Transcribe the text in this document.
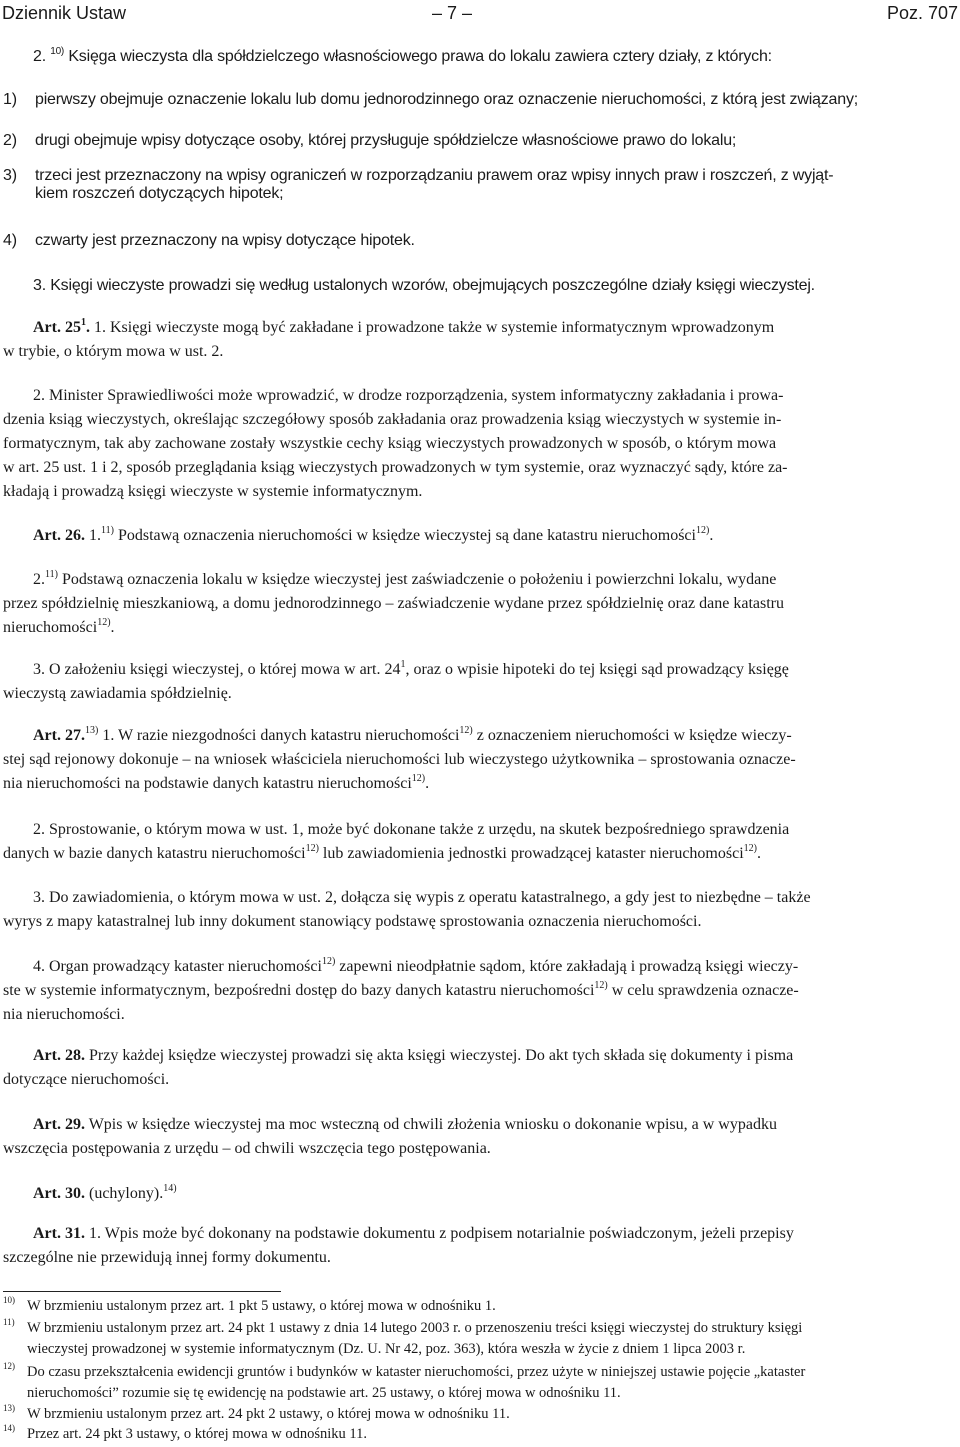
Dziennik Ustaw	– 7 –	Poz. 707
2. $^{10)}$ Księga wieczysta dla spółdzielczego własnościowego prawa do lokalu zawiera cztery działy, z których:
1) pierwszy obejmuje oznaczenie lokalu lub domu jednorodzinnego oraz oznaczenie nieruchomości, z którą jest związany;
2) drugi obejmuje wpisy dotyczące osoby, której przysługuje spółdzielcze własnościowe prawo do lokalu;
3) trzeci jest przeznaczony na wpisy ograniczeń w rozporządzaniu prawem oraz wpisy innych praw i roszczeń, z wyjąt-
kiem roszczeń dotyczących hipotek;
4) czwarty jest przeznaczony na wpisy dotyczące hipotek.
3. Księgi wieczyste prowadzi się według ustalonych wzorów, obejmujących poszczególne działy księgi wieczystej.
Art. $25^1$. 1. Księgi wieczyste mogą być zakładane i prowadzone także w systemie informatycznym wprowadzonym
w trybie, o którym mowa w ust. 2.
2. Minister Sprawiedliwości może wprowadzić, w drodze rozporządzenia, system informatyczny zakładania i prowa-
dzenia ksiąg wieczystych, określając szczegółowy sposób zakładania oraz prowadzenia ksiąg wieczystych w systemie in-
formatycznym, tak aby zachowane zostały wszystkie cechy ksiąg wieczystych prowadzonych w sposób, o którym mowa
w art. 25 ust. 1 i 2, sposób przeglądania ksiąg wieczystych prowadzonych w tym systemie, oraz wyznaczyć sądy, które za-
kładają i prowadzą księgi wieczyste w systemie informatycznym.
Art. 26. 1.$^{11)}$ Podstawą oznaczenia nieruchomości w księdze wieczystej są dane katastru nieruchomości$^{12)}$.
2.$^{11)}$ Podstawą oznaczenia lokalu w księdze wieczystej jest zaświadczenie o położeniu i powierzchni lokalu, wydane
przez spółdzielnię mieszkaniową, a domu jednorodzinnego – zaświadczenie wydane przez spółdzielnię oraz dane katastru
nieruchomości$^{12)}$.
3. O założeniu księgi wieczystej, o której mowa w art. $24^1$, oraz o wpisie hipoteki do tej księgi sąd prowadzący księgę
wieczystą zawiadamia spółdzielnię.
Art. 27.$^{13)}$ 1. W razie niezgodności danych katastru nieruchomości$^{12)}$ z oznaczeniem nieruchomości w księdze wieczy-
stej sąd rejonowy dokonuje – na wniosek właściciela nieruchomości lub wieczystego użytkownika – sprostowania oznacze-
nia nieruchomości na podstawie danych katastru nieruchomości$^{12)}$.
2. Sprostowanie, o którym mowa w ust. 1, może być dokonane także z urzędu, na skutek bezpośredniego sprawdzenia
danych w bazie danych katastru nieruchomości$^{12)}$ lub zawiadomienia jednostki prowadzącej kataster nieruchomości$^{12)}$.
3. Do zawiadomienia, o którym mowa w ust. 2, dołącza się wypis z operatu katastralnego, a gdy jest to niezbędne – także
wyrys z mapy katastralnej lub inny dokument stanowiący podstawę sprostowania oznaczenia nieruchomości.
4. Organ prowadzący kataster nieruchomości$^{12)}$ zapewni nieodpłatnie sądom, które zakładają i prowadzą księgi wieczy-
ste w systemie informatycznym, bezpośredni dostęp do bazy danych katastru nieruchomości$^{12)}$ w celu sprawdzenia oznacze-
nia nieruchomości.
Art. 28. Przy każdej księdze wieczystej prowadzi się akta księgi wieczystej. Do akt tych składa się dokumenty i pisma
dotyczące nieruchomości.
Art. 29. Wpis w księdze wieczystej ma moc wsteczną od chwili złożenia wniosku o dokonanie wpisu, a w wypadku
wszczęcia postępowania z urzędu – od chwili wszczęcia tego postępowania.
Art. 30. (uchylony).$^{14)}$
Art. 31. 1. Wpis może być dokonany na podstawie dokumentu z podpisem notarialnie poświadczonym, jeżeli przepisy
szczególne nie przewidują innej formy dokumentu.
$^{10)}$ W brzmieniu ustalonym przez art. 1 pkt 5 ustawy, o której mowa w odnośniku 1.
$^{11)}$ W brzmieniu ustalonym przez art. 24 pkt 1 ustawy z dnia 14 lutego 2003 r. o przenoszeniu treści księgi wieczystej do struktury księgi
wieczystej prowadzonej w systemie informatycznym (Dz. U. Nr 42, poz. 363), która weszła w życie z dniem 1 lipca 2003 r.
$^{12)}$ Do czasu przekształcenia ewidencji gruntów i budynków w kataster nieruchomości, przez użyte w niniejszej ustawie pojęcie „kataster
nieruchomości” rozumie się tę ewidencję na podstawie art. 25 ustawy, o której mowa w odnośniku 11.
$^{13)}$ W brzmieniu ustalonym przez art. 24 pkt 2 ustawy, o której mowa w odnośniku 11.
$^{14)}$ Przez art. 24 pkt 3 ustawy, o której mowa w odnośniku 11.
